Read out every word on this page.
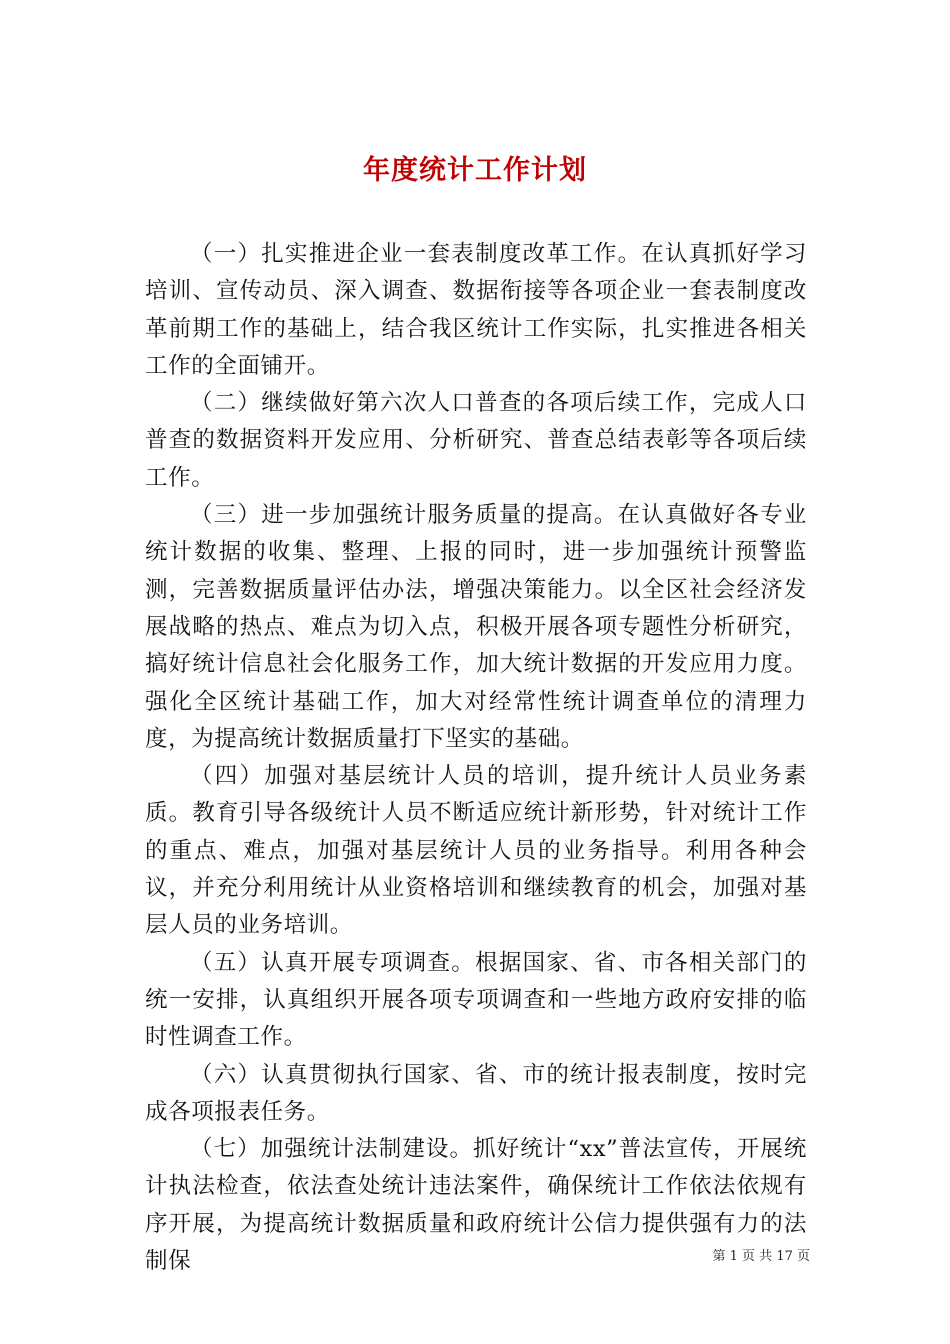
年度统计工作计划

（一）扎实推进企业一套表制度改革工作。在认真抓好学习培训、宣传动员、深入调查、数据衔接等各项企业一套表制度改革前期工作的基础上，结合我区统计工作实际，扎实推进各相关工作的全面铺开。

（二）继续做好第六次人口普查的各项后续工作，完成人口普查的数据资料开发应用、分析研究、普查总结表彰等各项后续工作。

（三）进一步加强统计服务质量的提高。在认真做好各专业统计数据的收集、整理、上报的同时，进一步加强统计预警监测，完善数据质量评估办法，增强决策能力。以全区社会经济发展战略的热点、难点为切入点，积极开展各项专题性分析研究，搞好统计信息社会化服务工作，加大统计数据的开发应用力度。强化全区统计基础工作，加大对经常性统计调查单位的清理力度，为提高统计数据质量打下坚实的基础。

（四）加强对基层统计人员的培训，提升统计人员业务素质。教育引导各级统计人员不断适应统计新形势，针对统计工作的重点、难点，加强对基层统计人员的业务指导。利用各种会议，并充分利用统计从业资格培训和继续教育的机会，加强对基层人员的业务培训。

（五）认真开展专项调查。根据国家、省、市各相关部门的统一安排，认真组织开展各项专项调查和一些地方政府安排的临时性调查工作。

（六）认真贯彻执行国家、省、市的统计报表制度，按时完成各项报表任务。

（七）加强统计法制建设。抓好统计“xx”普法宣传，开展统计执法检查，依法查处统计违法案件，确保统计工作依法依规有序开展，为提高统计数据质量和政府统计公信力提供强有力的法制保	第 1 页 共 17 页
